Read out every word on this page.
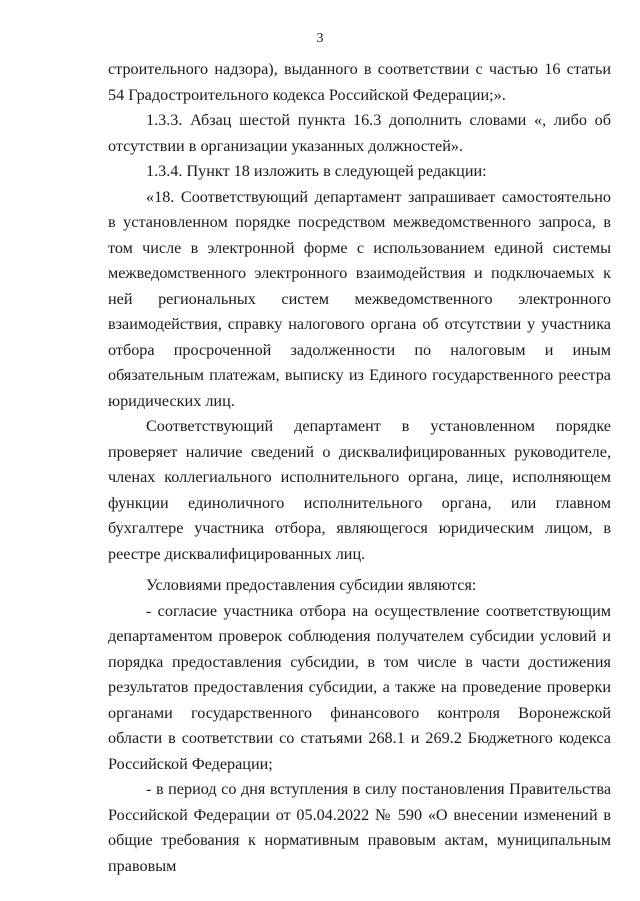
3

строительного надзора), выданного в соответствии с частью 16 статьи 54 Градостроительного кодекса Российской Федерации;».

1.3.3. Абзац шестой пункта 16.3 дополнить словами «, либо об отсутствии в организации указанных должностей».

1.3.4. Пункт 18 изложить в следующей редакции:

«18. Соответствующий департамент запрашивает самостоятельно в установленном порядке посредством межведомственного запроса, в том числе в электронной форме с использованием единой системы межведомственного электронного взаимодействия и подключаемых к ней региональных систем межведомственного электронного взаимодействия, справку налогового органа об отсутствии у участника отбора просроченной задолженности по налоговым и иным обязательным платежам, выписку из Единого государственного реестра юридических лиц.

Соответствующий департамент в установленном порядке проверяет наличие сведений о дисквалифицированных руководителе, членах коллегиального исполнительного органа, лице, исполняющем функции единоличного исполнительного органа, или главном бухгалтере участника отбора, являющегося юридическим лицом, в реестре дисквалифицированных лиц.

Условиями предоставления субсидии являются:

- согласие участника отбора на осуществление соответствующим департаментом проверок соблюдения получателем субсидии условий и порядка предоставления субсидии, в том числе в части достижения результатов предоставления субсидии, а также на проведение проверки органами государственного финансового контроля Воронежской области в соответствии со статьями 268.1 и 269.2 Бюджетного кодекса Российской Федерации;

- в период со дня вступления в силу постановления Правительства Российской Федерации от 05.04.2022 № 590 «О внесении изменений в общие требования к нормативным правовым актам, муниципальным правовым
